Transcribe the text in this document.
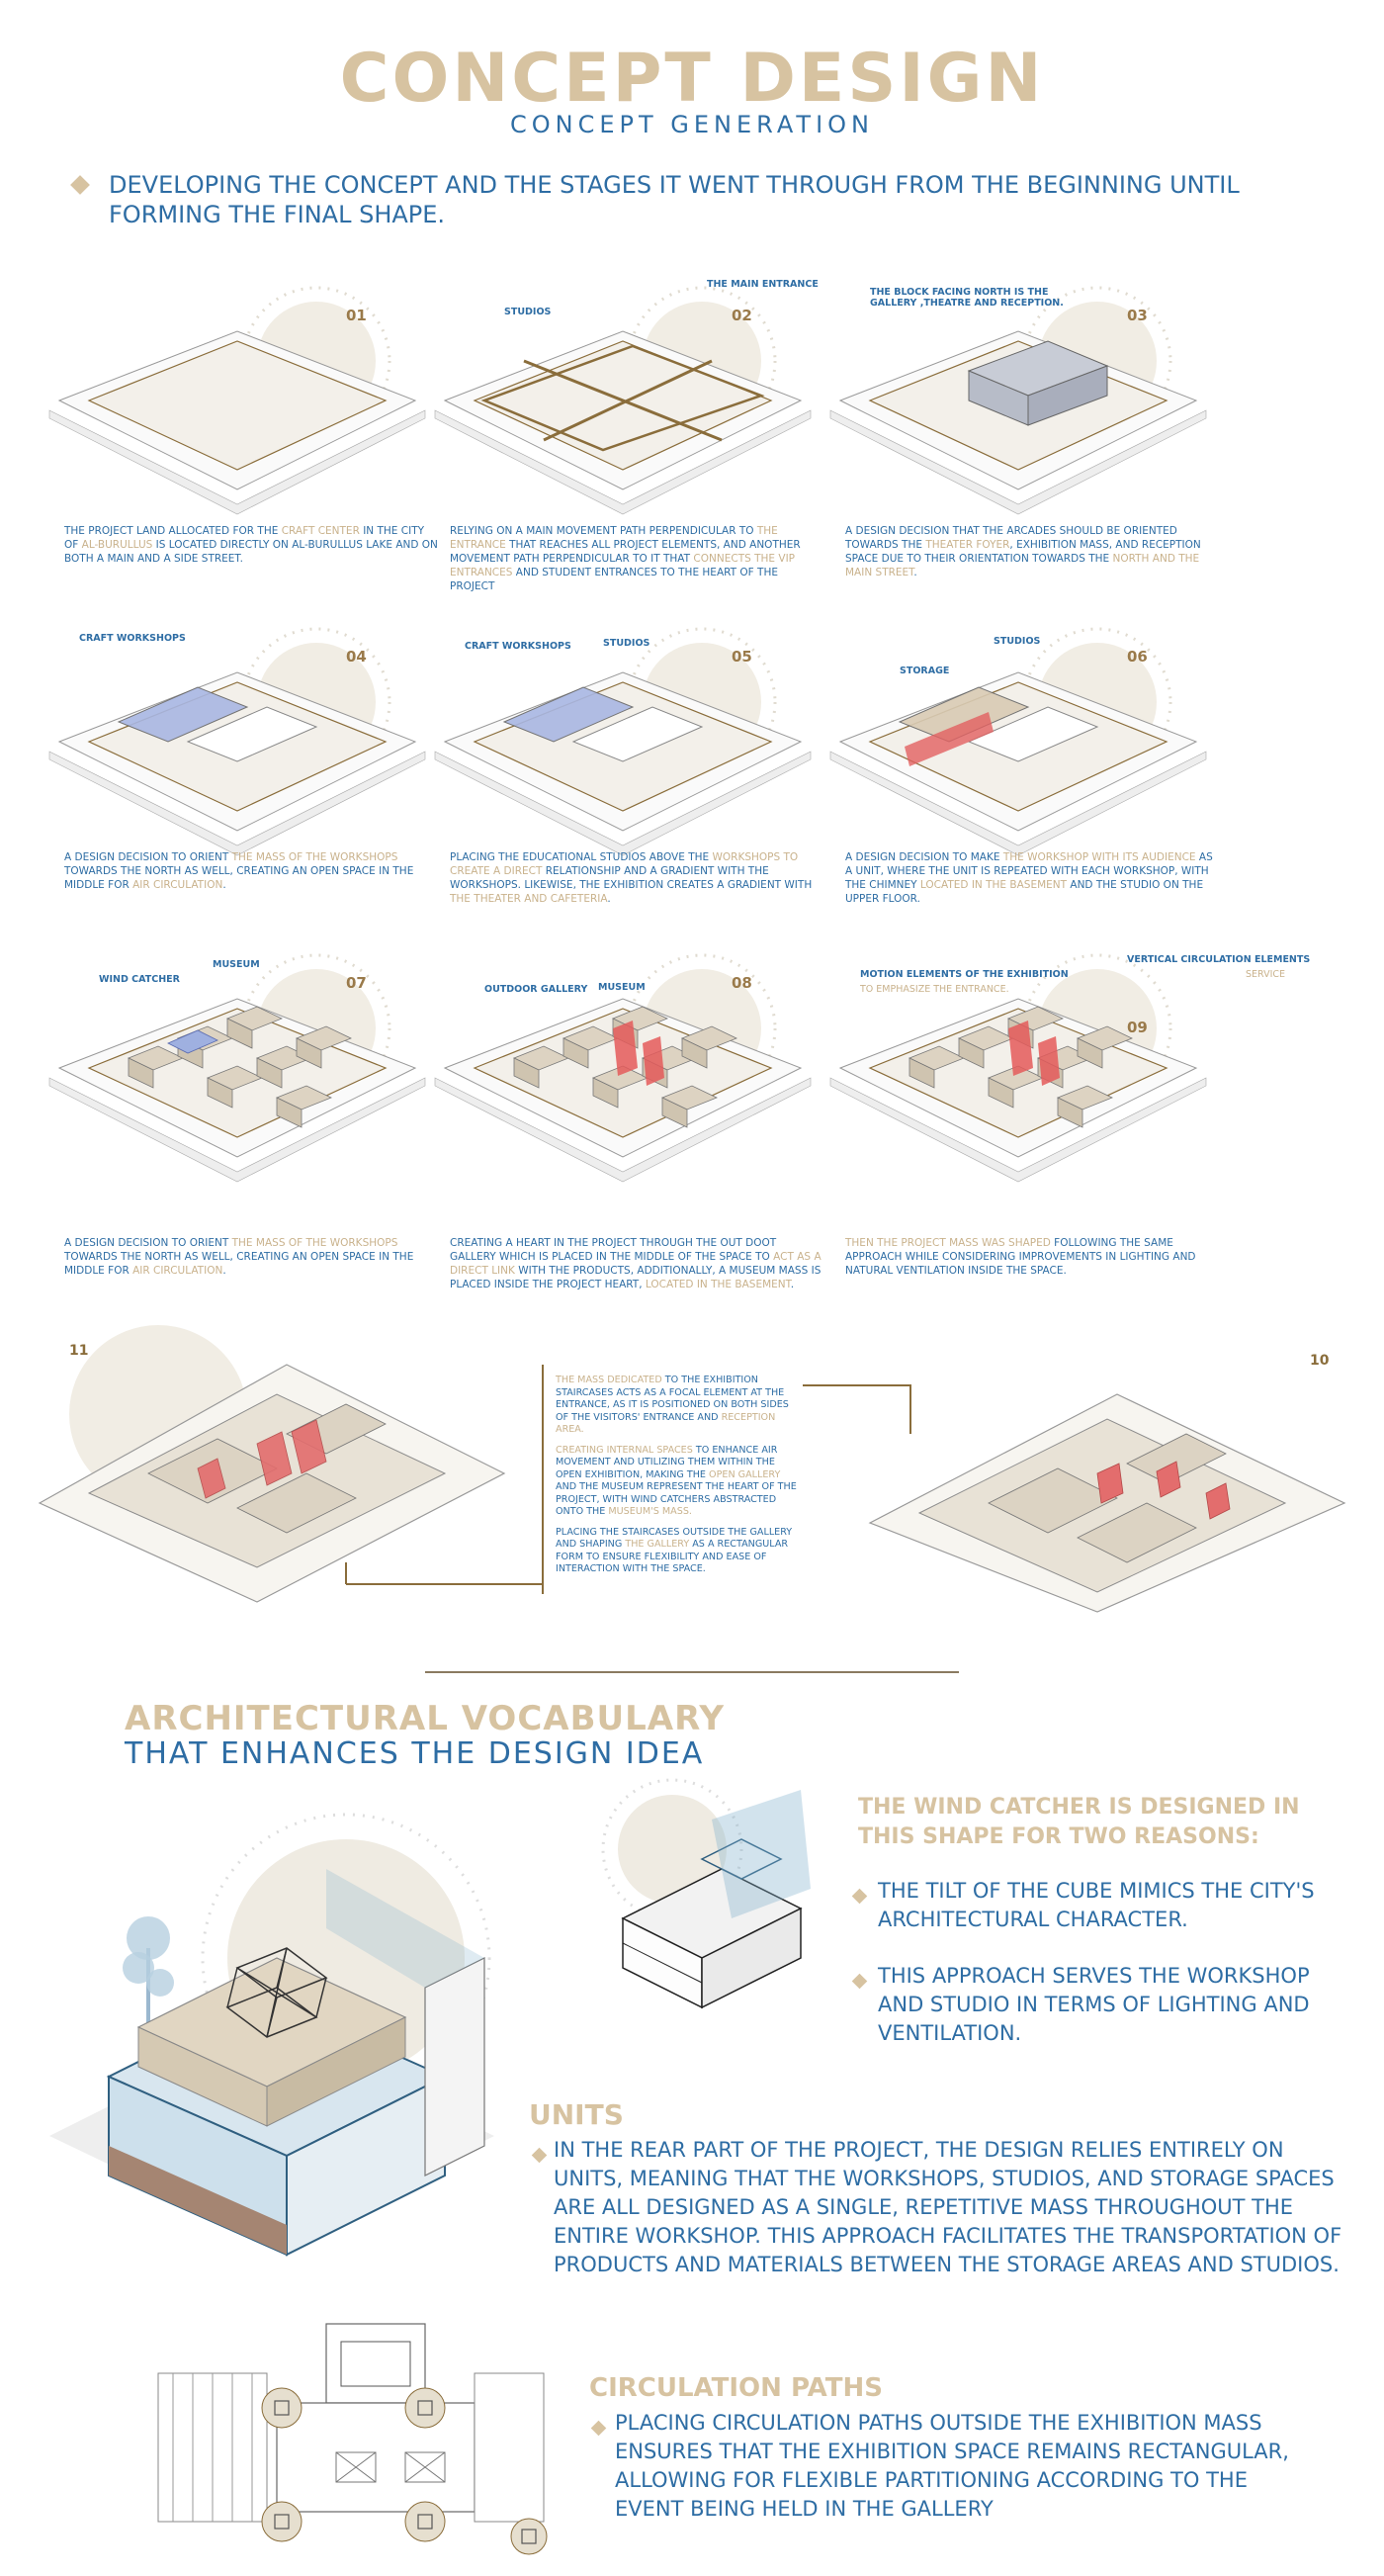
CONCEPT DESIGN
CONCEPT GENERATION
DEVELOPING THE CONCEPT AND THE STAGES IT WENT THROUGH FROM THE BEGINNING UNTIL FORMING THE FINAL SHAPE.
01	02	03
04	05	06
07	08
09
11

THE MASS DEDICATED TO THE EXHIBITION STAIRCASES ACTS AS A FOCAL ELEMENT AT THE ENTRANCE, AS IT IS POSITIONED ON BOTH SIDES OF THE VISITORS' ENTRANCE AND RECEPTION AREA.

CREATING INTERNAL SPACES TO ENHANCE AIR MOVEMENT AND UTILIZING THEM WITHIN THE OPEN EXHIBITION, MAKING THE OPEN GALLERY AND THE MUSEUM REPRESENT THE HEART OF THE PROJECT, WITH WIND CATCHERS ABSTRACTED ONTO THE MUSEUM'S MASS.

PLACING THE STAIRCASES OUTSIDE THE GALLERY AND SHAPING THE GALLERY AS A RECTANGULAR FORM TO ENSURE FLEXIBILITY AND EASE OF INTERACTION WITH THE SPACE.

10
ARCHITECTURAL VOCABULARY
THAT ENHANCES THE DESIGN IDEA
THE WIND CATCHER IS DESIGNED IN THIS SHAPE FOR TWO REASONS:
THE TILT OF THE CUBE MIMICS THE CITY'S ARCHITECTURAL CHARACTER.
THIS APPROACH SERVES THE WORKSHOP AND STUDIO IN TERMS OF LIGHTING AND VENTILATION.
UNITS
IN THE REAR PART OF THE PROJECT, THE DESIGN RELIES ENTIRELY ON UNITS, MEANING THAT THE WORKSHOPS, STUDIOS, AND STORAGE SPACES ARE ALL DESIGNED AS A SINGLE, REPETITIVE MASS THROUGHOUT THE ENTIRE WORKSHOP. THIS APPROACH FACILITATES THE TRANSPORTATION OF PRODUCTS AND MATERIALS BETWEEN THE STORAGE AREAS AND STUDIOS.
CIRCULATION PATHS
PLACING CIRCULATION PATHS OUTSIDE THE EXHIBITION MASS ENSURES THAT THE EXHIBITION SPACE REMAINS RECTANGULAR, ALLOWING FOR FLEXIBLE PARTITIONING ACCORDING TO THE EVENT BEING HELD IN THE GALLERY
THE PROJECT LAND ALLOCATED FOR THE CRAFT CENTER IN THE CITY OF AL-BURULLUS IS LOCATED DIRECTLY ON AL-BURULLUS LAKE AND ON BOTH A MAIN AND A SIDE STREET.
STUDIOS
THE MAIN ENTRANCE
RELYING ON A MAIN MOVEMENT PATH PERPENDICULAR TO THE ENTRANCE THAT REACHES ALL PROJECT ELEMENTS, AND ANOTHER MOVEMENT PATH PERPENDICULAR TO IT THAT CONNECTS THE VIP ENTRANCES AND STUDENT ENTRANCES TO THE HEART OF THE PROJECT
THE BLOCK FACING NORTH IS THE GALLERY ,THEATRE AND RECEPTION.
A DESIGN DECISION THAT THE ARCADES SHOULD BE ORIENTED TOWARDS THE THEATER FOYER, EXHIBITION MASS, AND RECEPTION SPACE DUE TO THEIR ORIENTATION TOWARDS THE NORTH AND THE MAIN STREET.
CRAFT WORKSHOPS
A DESIGN DECISION TO ORIENT THE MASS OF THE WORKSHOPS TOWARDS THE NORTH AS WELL, CREATING AN OPEN SPACE IN THE MIDDLE FOR AIR CIRCULATION.
CRAFT WORKSHOPS	STUDIOS
PLACING THE EDUCATIONAL STUDIOS ABOVE THE WORKSHOPS TO CREATE A DIRECT RELATIONSHIP AND A GRADIENT WITH THE WORKSHOPS. LIKEWISE, THE EXHIBITION CREATES A GRADIENT WITH THE THEATER AND CAFETERIA.
STORAGE
STUDIOS
A DESIGN DECISION TO MAKE THE WORKSHOP WITH ITS AUDIENCE AS A UNIT, WHERE THE UNIT IS REPEATED WITH EACH WORKSHOP, WITH THE CHIMNEY LOCATED IN THE BASEMENT AND THE STUDIO ON THE UPPER FLOOR.
WIND CATCHER
MUSEUM
A DESIGN DECISION TO ORIENT THE MASS OF THE WORKSHOPS TOWARDS THE NORTH AS WELL, CREATING AN OPEN SPACE IN THE MIDDLE FOR AIR CIRCULATION.
OUTDOOR GALLERY MUSEUM
CREATING A HEART IN THE PROJECT THROUGH THE OUT DOOT GALLERY WHICH IS PLACED IN THE MIDDLE OF THE SPACE TO ACT AS A DIRECT LINK WITH THE PRODUCTS, ADDITIONALLY, A MUSEUM MASS IS PLACED INSIDE THE PROJECT HEART, LOCATED IN THE BASEMENT.
MOTION ELEMENTS OF THE EXHIBITION
TO EMPHASIZE THE ENTRANCE.
VERTICAL CIRCULATION ELEMENTS
SERVICE
THEN THE PROJECT MASS WAS SHAPED FOLLOWING THE SAME APPROACH WHILE CONSIDERING IMPROVEMENTS IN LIGHTING AND NATURAL VENTILATION INSIDE THE SPACE.
